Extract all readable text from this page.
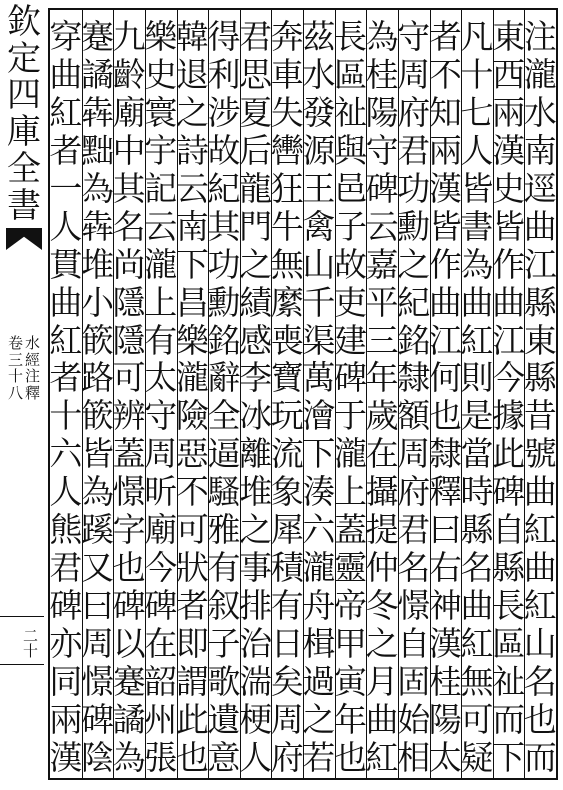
欽
定
四
庫
全
書
水
經
注
釋
卷
三
十
八
二十
注
瀧
水
南
逕
曲
江
縣
東
縣
昔
號
曲
紅
曲
紅
山
名
也
而
東
西
兩
漢
史
皆
作
曲
江
今
據
此
碑
自
縣
長
區
祉
而
下
凡
十
七
人
皆
書
為
曲
紅
則
是
當
時
縣
名
曲
紅
無
可
疑
者
不
知
兩
漢
皆
作
曲
江
何
也
隸
釋
曰
右
神
漢
桂
陽
太
守
周
府
君
功
勳
之
紀
銘
隸
額
周
府
君
名
憬
自
固
始
相
為
桂
陽
守
碑
云
嘉
平
三
年
歲
在
攝
提
仲
冬
之
月
曲
紅
長
區
祉
與
邑
子
故
吏
建
碑
于
瀧
上
蓋
靈
帝
甲
寅
年
也
茲
水
發
源
王
禽
山
千
渠
萬
澮
下
湊
六
瀧
舟
楫
過
之
若
奔
車
失
轡
狂
牛
無
縻
喪
寶
玩
流
象
犀
積
有
日
矣
周
府
君
思
夏
后
龍
門
之
績
感
李
冰
離
堆
之
事
排
治
湍
梗
人
得
利
涉
故
紀
其
功
勳
銘
辭
全
逼
騷
雅
有
叙
子
歌
遺
意
韓
退
之
詩
云
南
下
昌
樂
瀧
險
惡
不
可
狀
者
即
謂
此
也
樂
史
寰
宇
記
云
瀧
上
有
太
守
周
昕
廟
今
碑
在
韶
州
張
九
齡
廟
中
其
名
尚
隱
隱
可
辨
蓋
憬
字
也
碑
以
蹇
譎
為
蹇
譎
犇
黜
為
犇
堆
小
篏
路
篏
皆
為
蹊
又
曰
周
憬
碑
陰
穿
曲
紅
者
一
人
貫
曲
紅
者
十
六
人
熊
君
碑
亦
同
兩
漢
